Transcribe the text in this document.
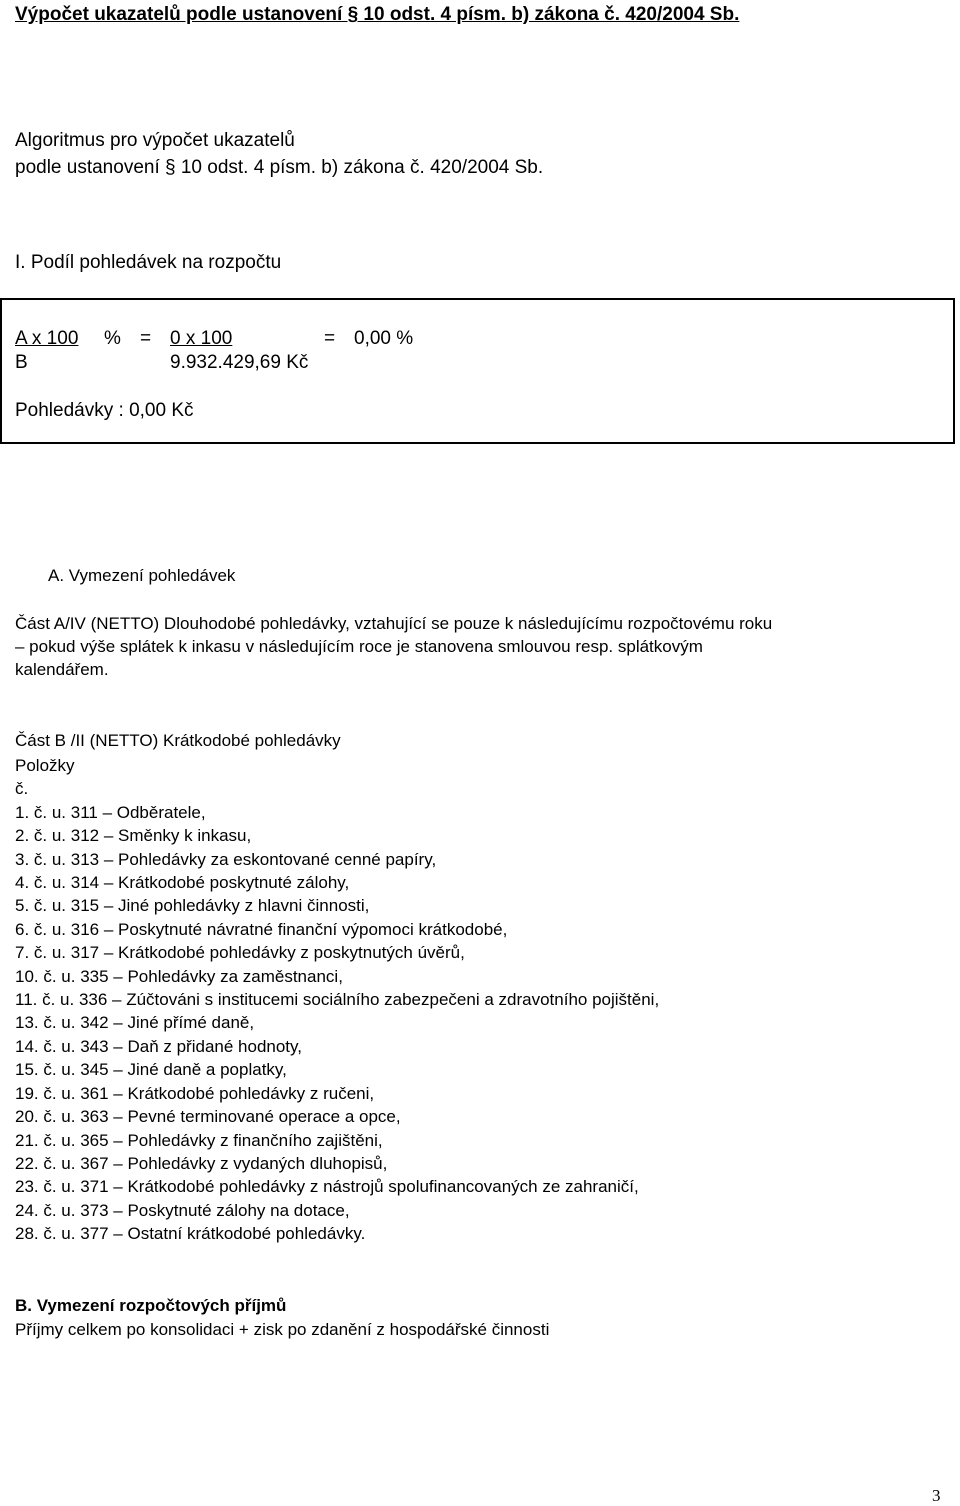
Výpočet ukazatelů podle ustanovení § 10 odst. 4 písm. b) zákona č. 420/2004 Sb.
Algoritmus pro výpočet ukazatelů
podle ustanovení § 10 odst. 4 písm. b) zákona č. 420/2004 Sb.
I. Podíl pohledávek na rozpočtu
A x 100 % = 0 x 100	= 0,00 %
B	9.932.429,69 Kč
Pohledávky : 0,00 Kč
A. Vymezení pohledávek
Část A/IV (NETTO) Dlouhodobé pohledávky, vztahující se pouze k následujícímu rozpočtovému roku
– pokud výše splátek k inkasu v následujícím roce je stanovena smlouvou resp. splátkovým
kalendářem.
Část B /II (NETTO) Krátkodobé pohledávky
Položky
č.
1. č. u. 311 – Odběratele,
2. č. u. 312 – Směnky k inkasu,
3. č. u. 313 – Pohledávky za eskontované cenné papíry,
4. č. u. 314 – Krátkodobé poskytnuté zálohy,
5. č. u. 315 – Jiné pohledávky z hlavni činnosti,
6. č. u. 316 – Poskytnuté návratné finanční výpomoci krátkodobé,
7. č. u. 317 – Krátkodobé pohledávky z poskytnutých úvěrů,
10. č. u. 335 – Pohledávky za zaměstnanci,
11. č. u. 336 – Zúčtováni s institucemi sociálního zabezpečeni a zdravotního pojištěni,
13. č. u. 342 – Jiné přímé daně,
14. č. u. 343 – Daň z přidané hodnoty,
15. č. u. 345 – Jiné daně a poplatky,
19. č. u. 361 – Krátkodobé pohledávky z ručeni,
20. č. u. 363 – Pevné terminované operace a opce,
21. č. u. 365 – Pohledávky z finančního zajištěni,
22. č. u. 367 – Pohledávky z vydaných dluhopisů,
23. č. u. 371 – Krátkodobé pohledávky z nástrojů spolufinancovaných ze zahraničí,
24. č. u. 373 – Poskytnuté zálohy na dotace,
28. č. u. 377 – Ostatní krátkodobé pohledávky.
B. Vymezení rozpočtových příjmů
Příjmy celkem po konsolidaci + zisk po zdanění z hospodářské činnosti
3
